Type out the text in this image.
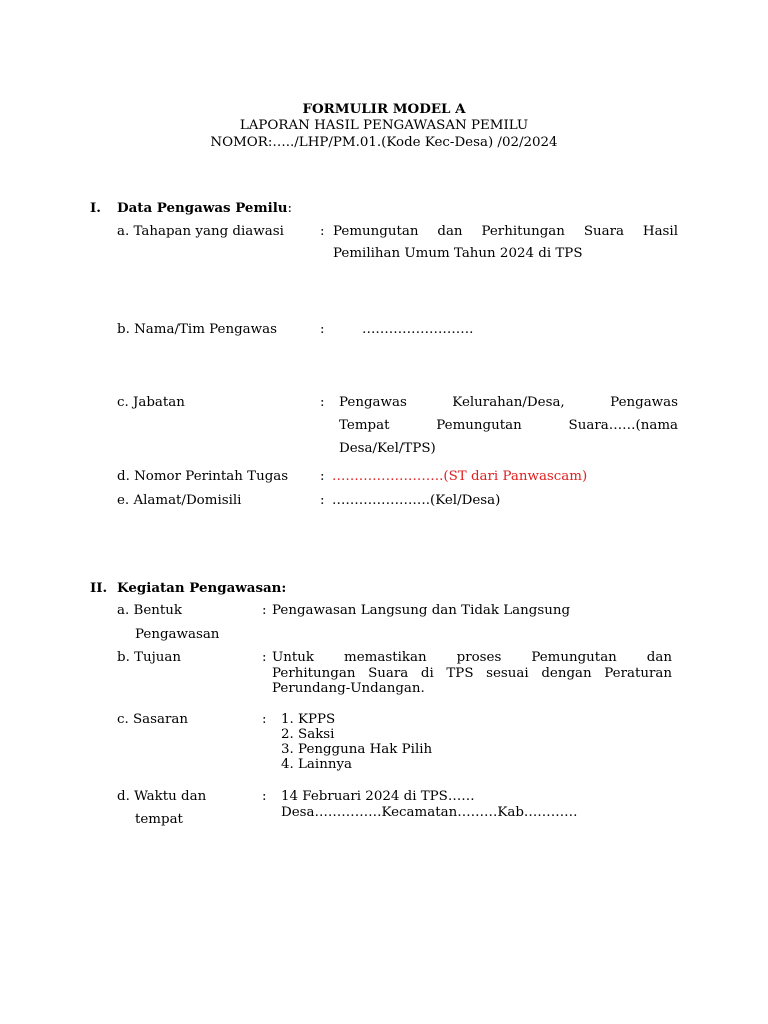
FORMULIR MODEL A
LAPORAN HASIL PENGAWASAN PEMILU
NOMOR:…../LHP/PM.01.(Kode Kec-Desa) /02/2024
I. Data Pengawas Pemilu:
a. Tahapan yang diawasi	: Pemungutan dan Perhitungan Suara Hasil
Pemilihan Umum Tahun 2024 di TPS
b. Nama/Tim Pengawas	:	…………………….
c. Jabatan	: Pengawas Kelurahan/Desa, Pengawas
Tempat Pemungutan Suara……(nama
Desa/Kel/TPS)
d. Nomor Perintah Tugas : …………………….(ST dari Panwascam)
e. Alamat/Domisili	: ………………….(Kel/Desa)
II. Kegiatan Pengawasan:
a. Bentuk
Pengawasan
: Pengawasan Langsung dan Tidak Langsung
b. Tujuan	: Untuk memastikan proses Pemungutan dan
Perhitungan Suara di TPS sesuai dengan Peraturan
Perundang-Undangan.
c. Sasaran	: 1. KPPS
2. Saksi
3. Pengguna Hak Pilih
4. Lainnya
d. Waktu dan
tempat
: 14 Februari 2024 di TPS……
Desa……………Kecamatan………Kab…………
